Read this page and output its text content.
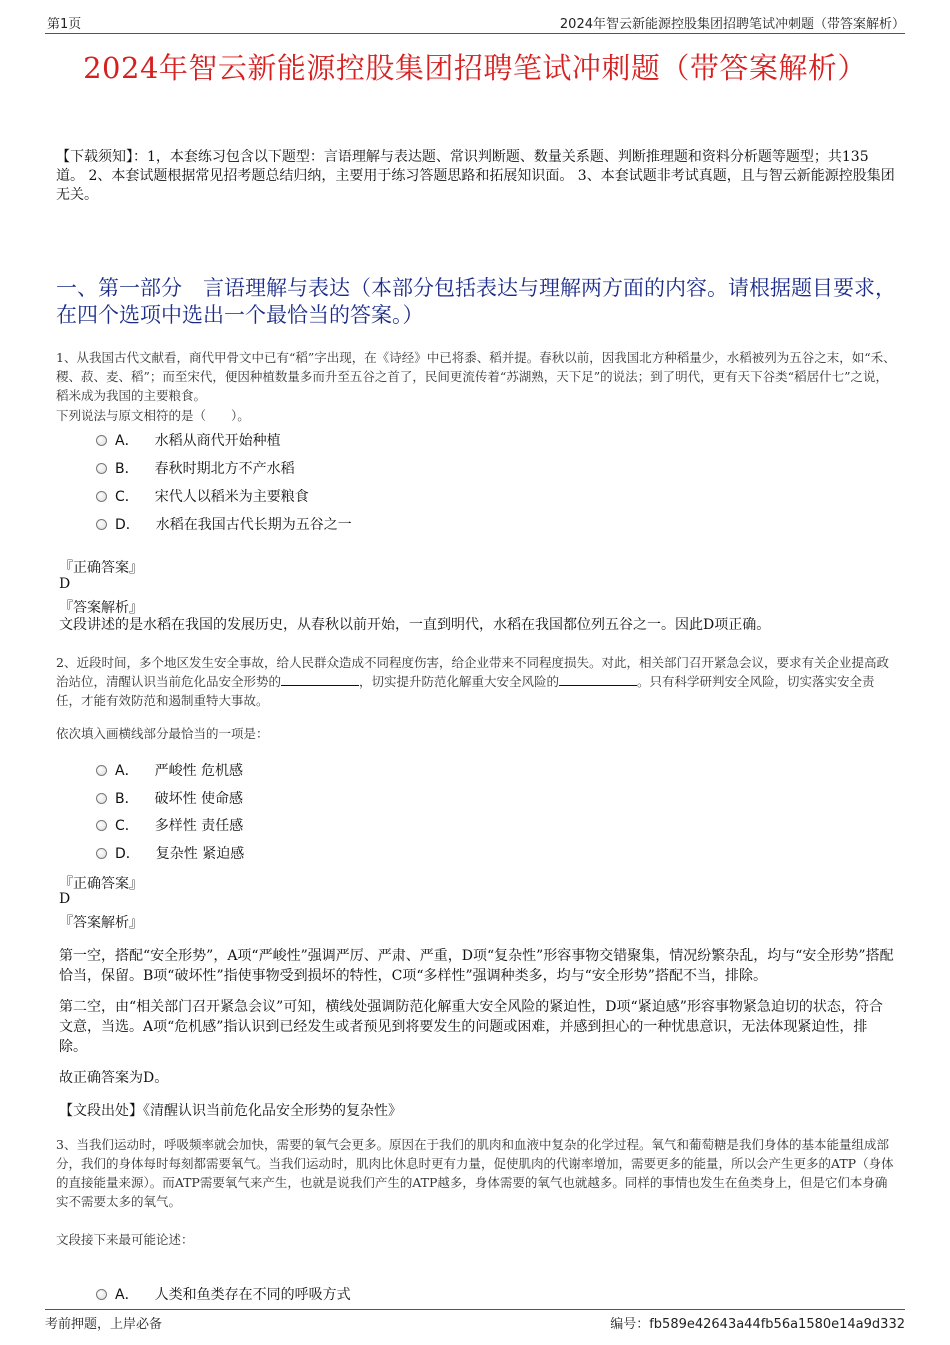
第1页	2024年智云新能源控股集团招聘笔试冲刺题（带答案解析）
2024年智云新能源控股集团招聘笔试冲刺题（带答案解析）
【下载须知】：1，本套练习包含以下题型：言语理解与表达题、常识判断题、数量关系题、判断推理题和资料分析题等题型；共135道。 2、本套试题根据常见招考题总结归纳，主要用于练习答题思路和拓展知识面。 3、本套试题非考试真题，且与智云新能源控股集团无关。
一、第一部分　言语理解与表达（本部分包括表达与理解两方面的内容。请根据题目要求，在四个选项中选出一个最恰当的答案。）
1、从我国古代文献看，商代甲骨文中已有“稻”字出现，在《诗经》中已将黍、稻并提。春秋以前，因我国北方种稻量少，水稻被列为五谷之末，如“禾、稷、菽、麦、稻”；而至宋代，便因种植数量多而升至五谷之首了，民间更流传着“苏湖熟，天下足”的说法；到了明代，更有天下谷类“稻居什七”之说，稻米成为我国的主要粮食。
下列说法与原文相符的是（　　）。
A． 水稻从商代开始种植
B． 春秋时期北方不产水稻
C． 宋代人以稻米为主要粮食
D． 水稻在我国古代长期为五谷之一
『正确答案』
D
『答案解析』
文段讲述的是水稻在我国的发展历史，从春秋以前开始，一直到明代，水稻在我国都位列五谷之一。因此D项正确。
2、近段时间，多个地区发生安全事故，给人民群众造成不同程度伤害，给企业带来不同程度损失。对此，相关部门召开紧急会议，要求有关企业提高政治站位，清醒认识当前危化品安全形势的	，切实提升防范化解重大安全风险的	。只有科学研判安全风险，切实落实安全责任，才能有效防范和遏制重特大事故。
依次填入画横线部分最恰当的一项是：
A． 严峻性 危机感
B． 破坏性 使命感
C． 多样性 责任感
D． 复杂性 紧迫感
『正确答案』
D
『答案解析』
第一空，搭配“安全形势”，A项“严峻性”强调严厉、严肃、严重，D项“复杂性”形容事物交错聚集，情况纷繁杂乱，均与“安全形势”搭配恰当，保留。B项“破坏性”指使事物受到损坏的特性，C项“多样性”强调种类多，均与“安全形势”搭配不当，排除。
第二空，由“相关部门召开紧急会议”可知，横线处强调防范化解重大安全风险的紧迫性，D项“紧迫感”形容事物紧急迫切的状态，符合文意，当选。A项“危机感”指认识到已经发生或者预见到将要发生的问题或困难，并感到担心的一种忧患意识，无法体现紧迫性，排除。
故正确答案为D。
【文段出处】《清醒认识当前危化品安全形势的复杂性》
3、当我们运动时，呼吸频率就会加快，需要的氧气会更多。原因在于我们的肌肉和血液中复杂的化学过程。氧气和葡萄糖是我们身体的基本能量组成部分，我们的身体每时每刻都需要氧气。当我们运动时，肌肉比休息时更有力量，促使肌肉的代谢率增加，需要更多的能量，所以会产生更多的ATP（身体的直接能量来源）。而ATP需要氧气来产生，也就是说我们产生的ATP越多，身体需要的氧气也就越多。同样的事情也发生在鱼类身上，但是它们本身确实不需要太多的氧气。
文段接下来最可能论述：
A． 人类和鱼类存在不同的呼吸方式
考前押题，上岸必备	编号：fb589e42643a44fb56a1580e14a9d332
